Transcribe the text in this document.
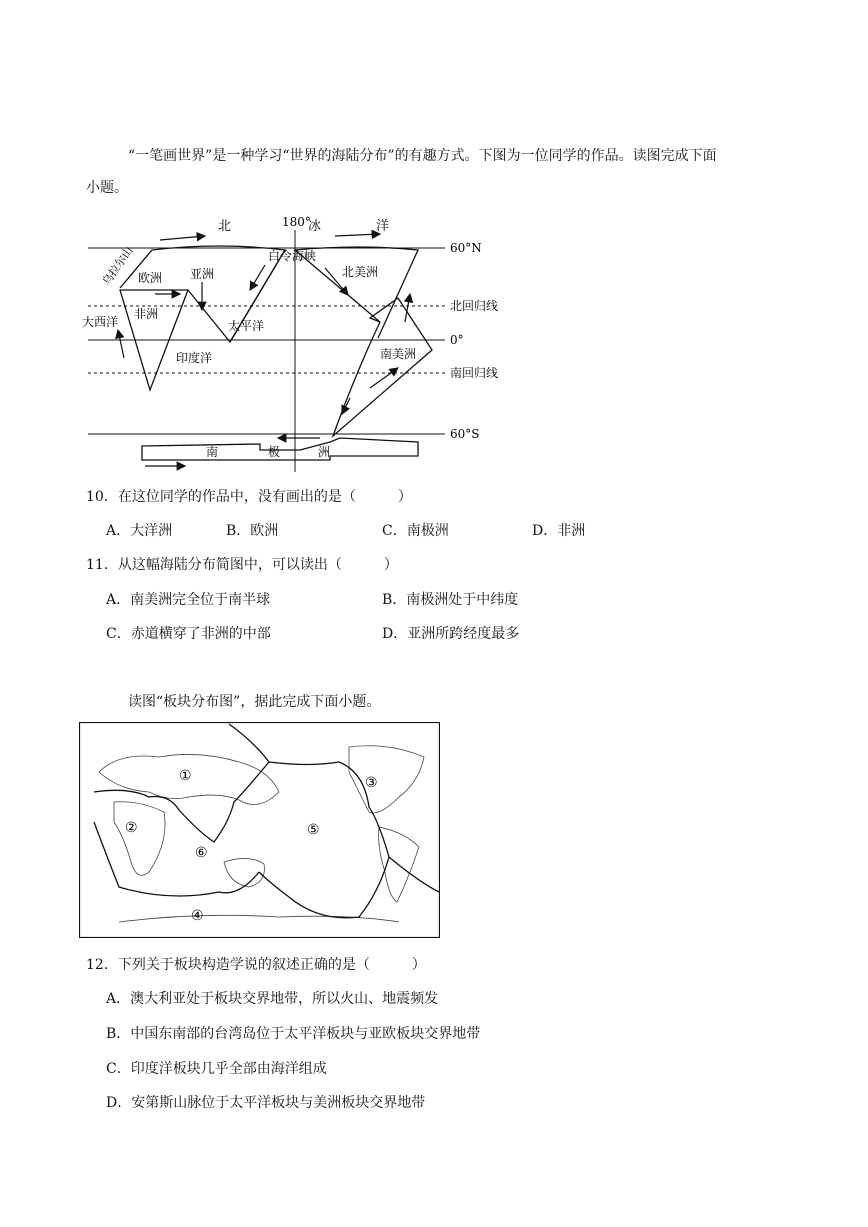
“一笔画世界”是一种学习“世界的海陆分布”的有趣方式。下图为一位同学的作品。读图完成下面
小题。
北	180°
冰	洋
白令海峡
60°N
北回归线
0°
南回归线
60°S
乌拉尔山 欧洲 亚洲
非洲
大西洋	太平洋
印度洋
北美洲
南美洲
南	极	洲
10．在这位同学的作品中，没有画出的是（　　　）
A．大洋洲	B．欧洲	C．南极洲	D．非洲
11．从这幅海陆分布简图中，可以读出（　　　）
A．南美洲完全位于南半球	B．南极洲处于中纬度
C．赤道横穿了非洲的中部	D．亚洲所跨经度最多
读图“板块分布图”，据此完成下面小题。
①
②
③
④
⑤
⑥
12．下列关于板块构造学说的叙述正确的是（　　　）
A．澳大利亚处于板块交界地带，所以火山、地震频发
B．中国东南部的台湾岛位于太平洋板块与亚欧板块交界地带
C．印度洋板块几乎全部由海洋组成
D．安第斯山脉位于太平洋板块与美洲板块交界地带
